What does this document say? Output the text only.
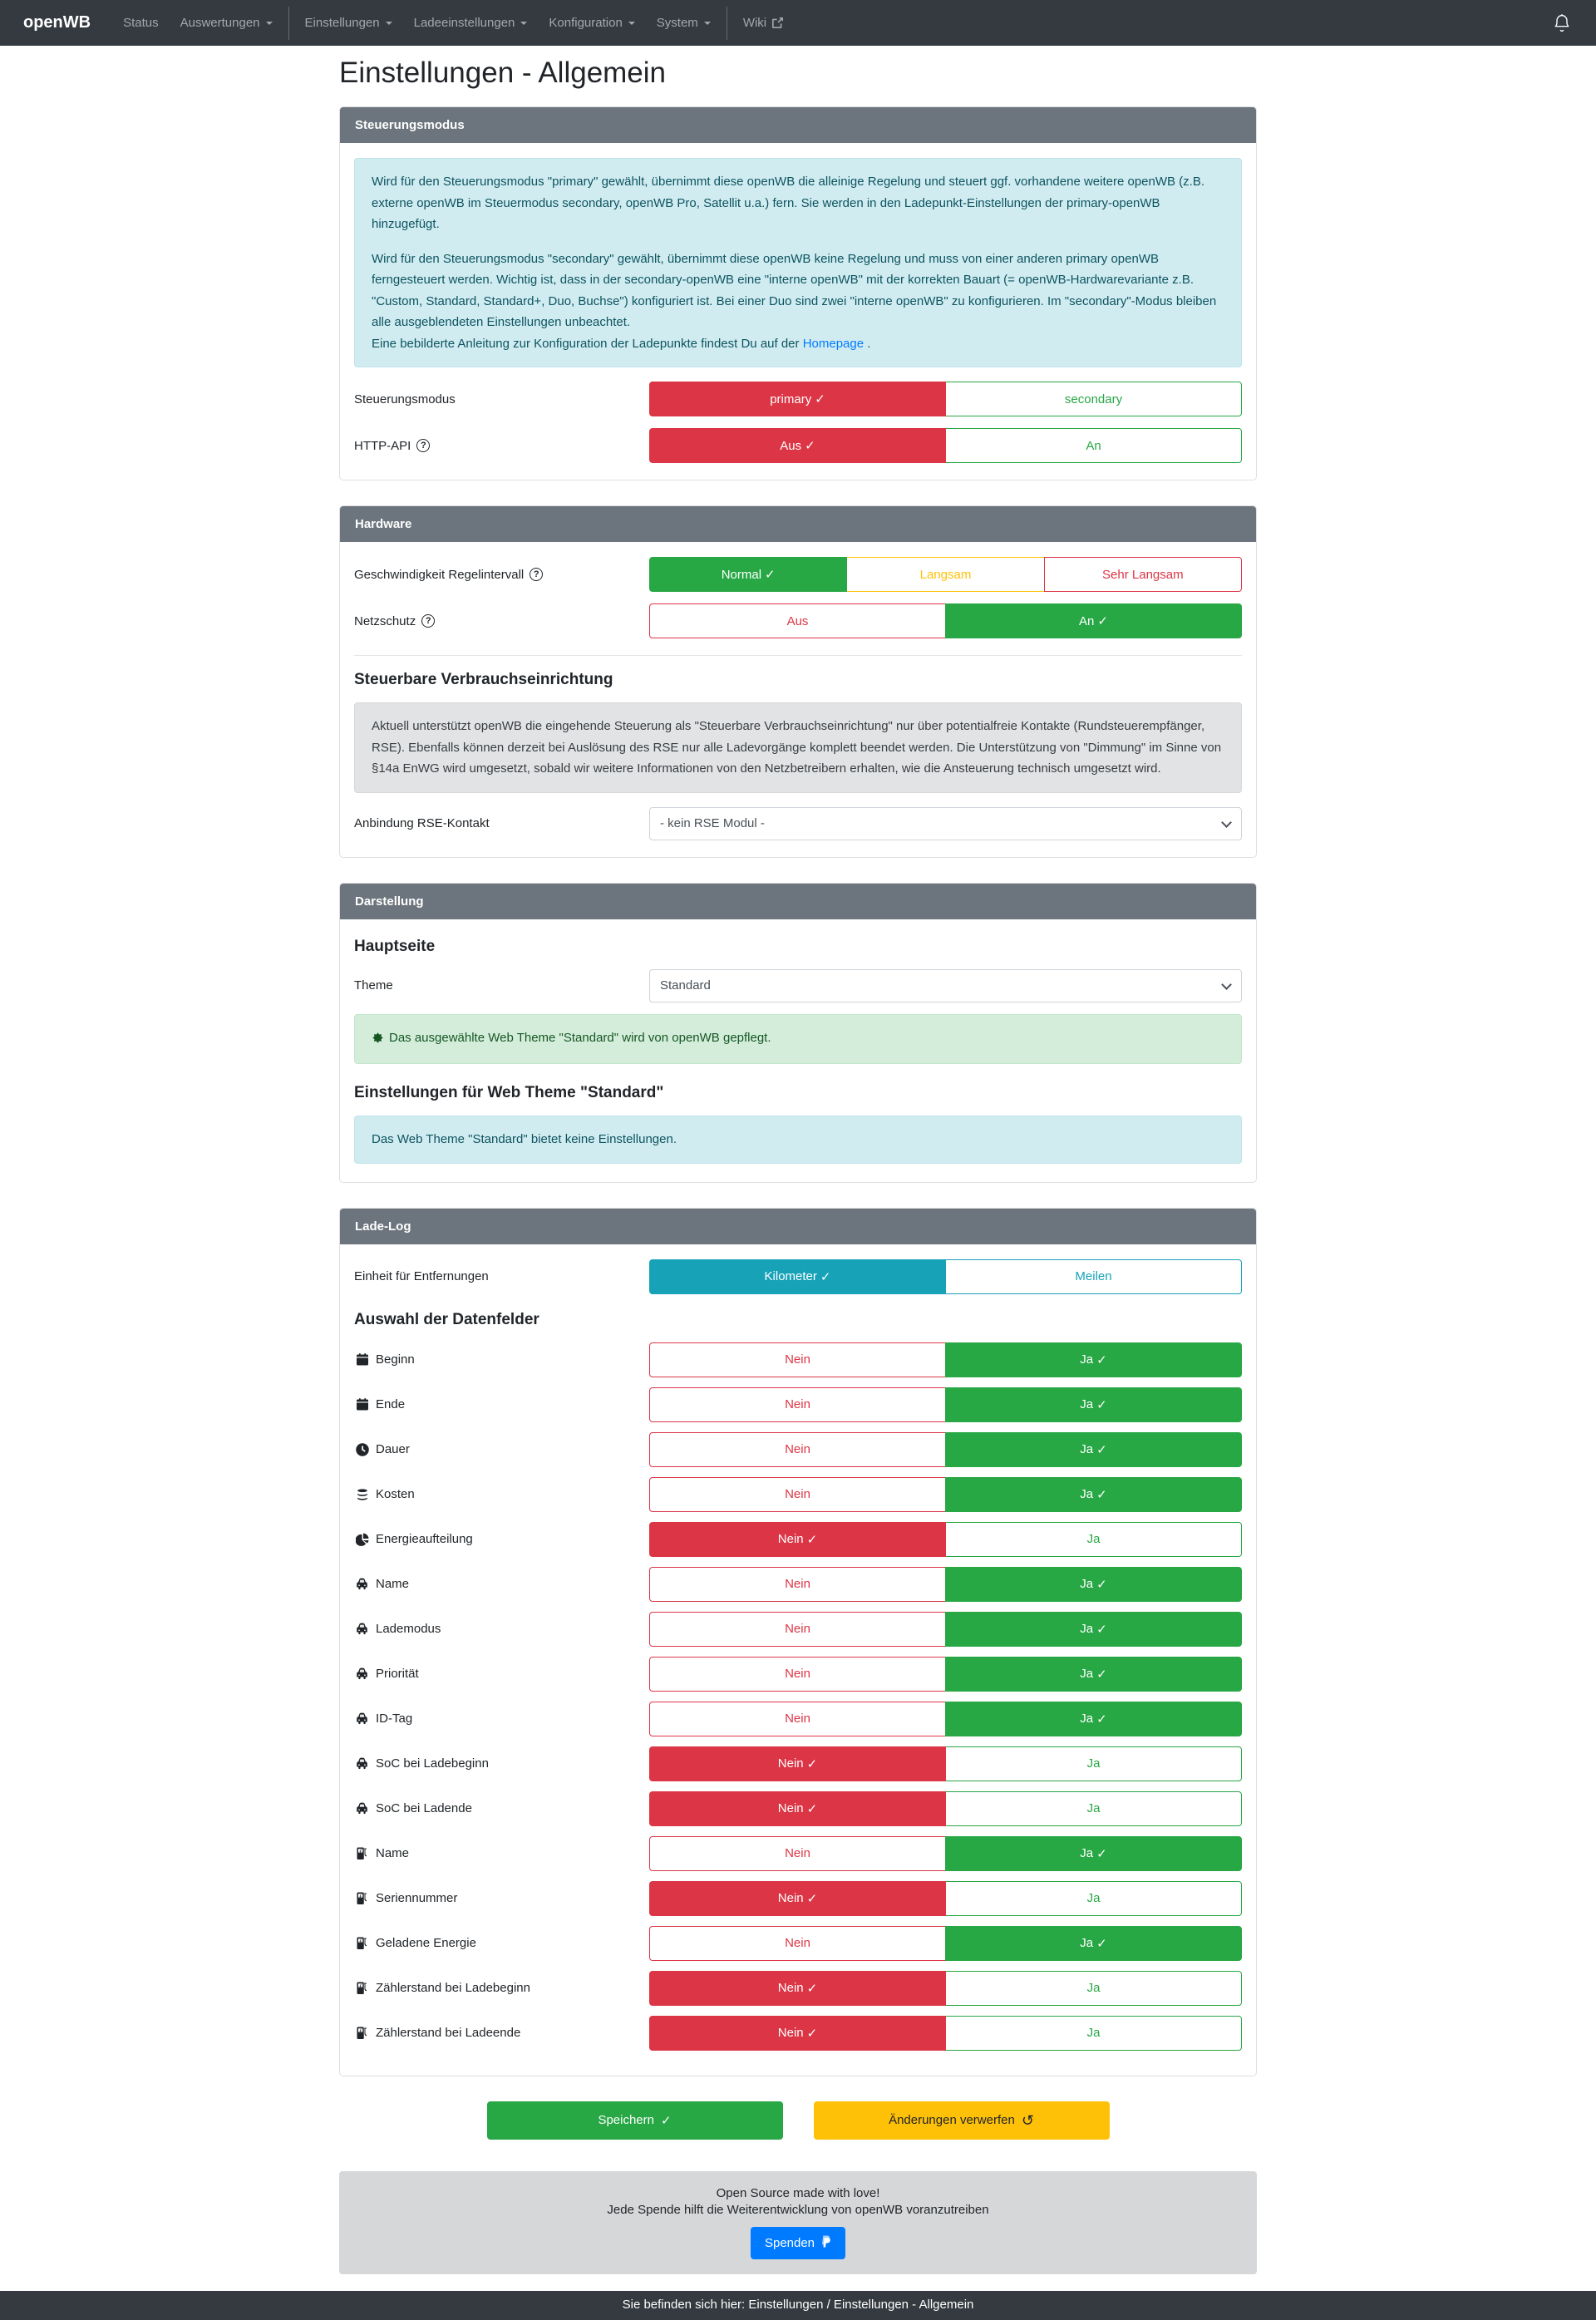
openWB	Status Auswertungen	Einstellungen	Ladeeinstellungen	Konfiguration	System	Wiki
Einstellungen - Allgemein
Steuerungsmodus

Wird für den Steuerungsmodus "primary" gewählt, übernimmt diese openWB die alleinige Regelung und steuert ggf. vorhandene weitere openWB (z.B. externe openWB im Steuermodus secondary, openWB Pro, Satellit u.a.) fern. Sie werden in den Ladepunkt-Einstellungen der primary-openWB hinzugefügt.

Wird für den Steuerungsmodus "secondary" gewählt, übernimmt diese openWB keine Regelung und muss von einer anderen primary openWB ferngesteuert werden. Wichtig ist, dass in der secondary-openWB eine "interne openWB" mit der korrekten Bauart (= openWB-Hardwarevariante z.B. "Custom, Standard, Standard+, Duo, Buchse") konfiguriert ist. Bei einer Duo sind zwei "interne openWB" zu konfigurieren. Im "secondary"-Modus bleiben alle ausgeblendeten Einstellungen unbeachtet.
Eine bebilderte Anleitung zur Konfiguration der Ladepunkte findest Du auf der Homepage .

Steuerungsmodus	primary ✓	secondary
HTTP-API	?	Aus ✓	An
Hardware
Geschwindigkeit Regelintervall	?	Normal ✓	Langsam	Sehr Langsam
Netzschutz	?	Aus	An ✓
Steuerbare Verbrauchseinrichtung
Aktuell unterstützt openWB die eingehende Steuerung als "Steuerbare Verbrauchseinrichtung" nur über potentialfreie Kontakte (Rundsteuerempfänger, RSE). Ebenfalls können derzeit bei Auslösung des RSE nur alle Ladevorgänge komplett beendet werden. Die Unterstützung von "Dimmung" im Sinne von §14a EnWG wird umgesetzt, sobald wir weitere Informationen von den Netzbetreibern erhalten, wie die Ansteuerung technisch umgesetzt wird.
Anbindung RSE-Kontakt
- kein RSE Modul -
Darstellung
Hauptseite
Theme
Standard
Das ausgewählte Web Theme "Standard" wird von openWB gepflegt.
Einstellungen für Web Theme "Standard"
Das Web Theme "Standard" bietet keine Einstellungen.
Lade-Log
Einheit für Entfernungen	Kilometer ✓	Meilen
Auswahl der Datenfelder
Beginn	Nein	Ja ✓
Ende	Nein	Ja ✓
Dauer	Nein	Ja ✓
Kosten	Nein	Ja ✓
Energieaufteilung	Nein ✓	Ja
Name	Nein	Ja ✓
Lademodus	Nein	Ja ✓
Priorität	Nein	Ja ✓
ID-Tag	Nein	Ja ✓
SoC bei Ladebeginn	Nein ✓	Ja
SoC bei Ladende	Nein ✓	Ja
Name	Nein	Ja ✓
Seriennummer	Nein ✓	Ja
Geladene Energie	Nein	Ja ✓
Zählerstand bei Ladebeginn	Nein ✓	Ja
Zählerstand bei Ladeende	Nein ✓	Ja
Speichern ✓	Änderungen verwerfen ↺
Open Source made with love!
Jede Spende hilft die Weiterentwicklung von openWB voranzutreiben
Spenden
Sie befinden sich hier: Einstellungen / Einstellungen - Allgemein
